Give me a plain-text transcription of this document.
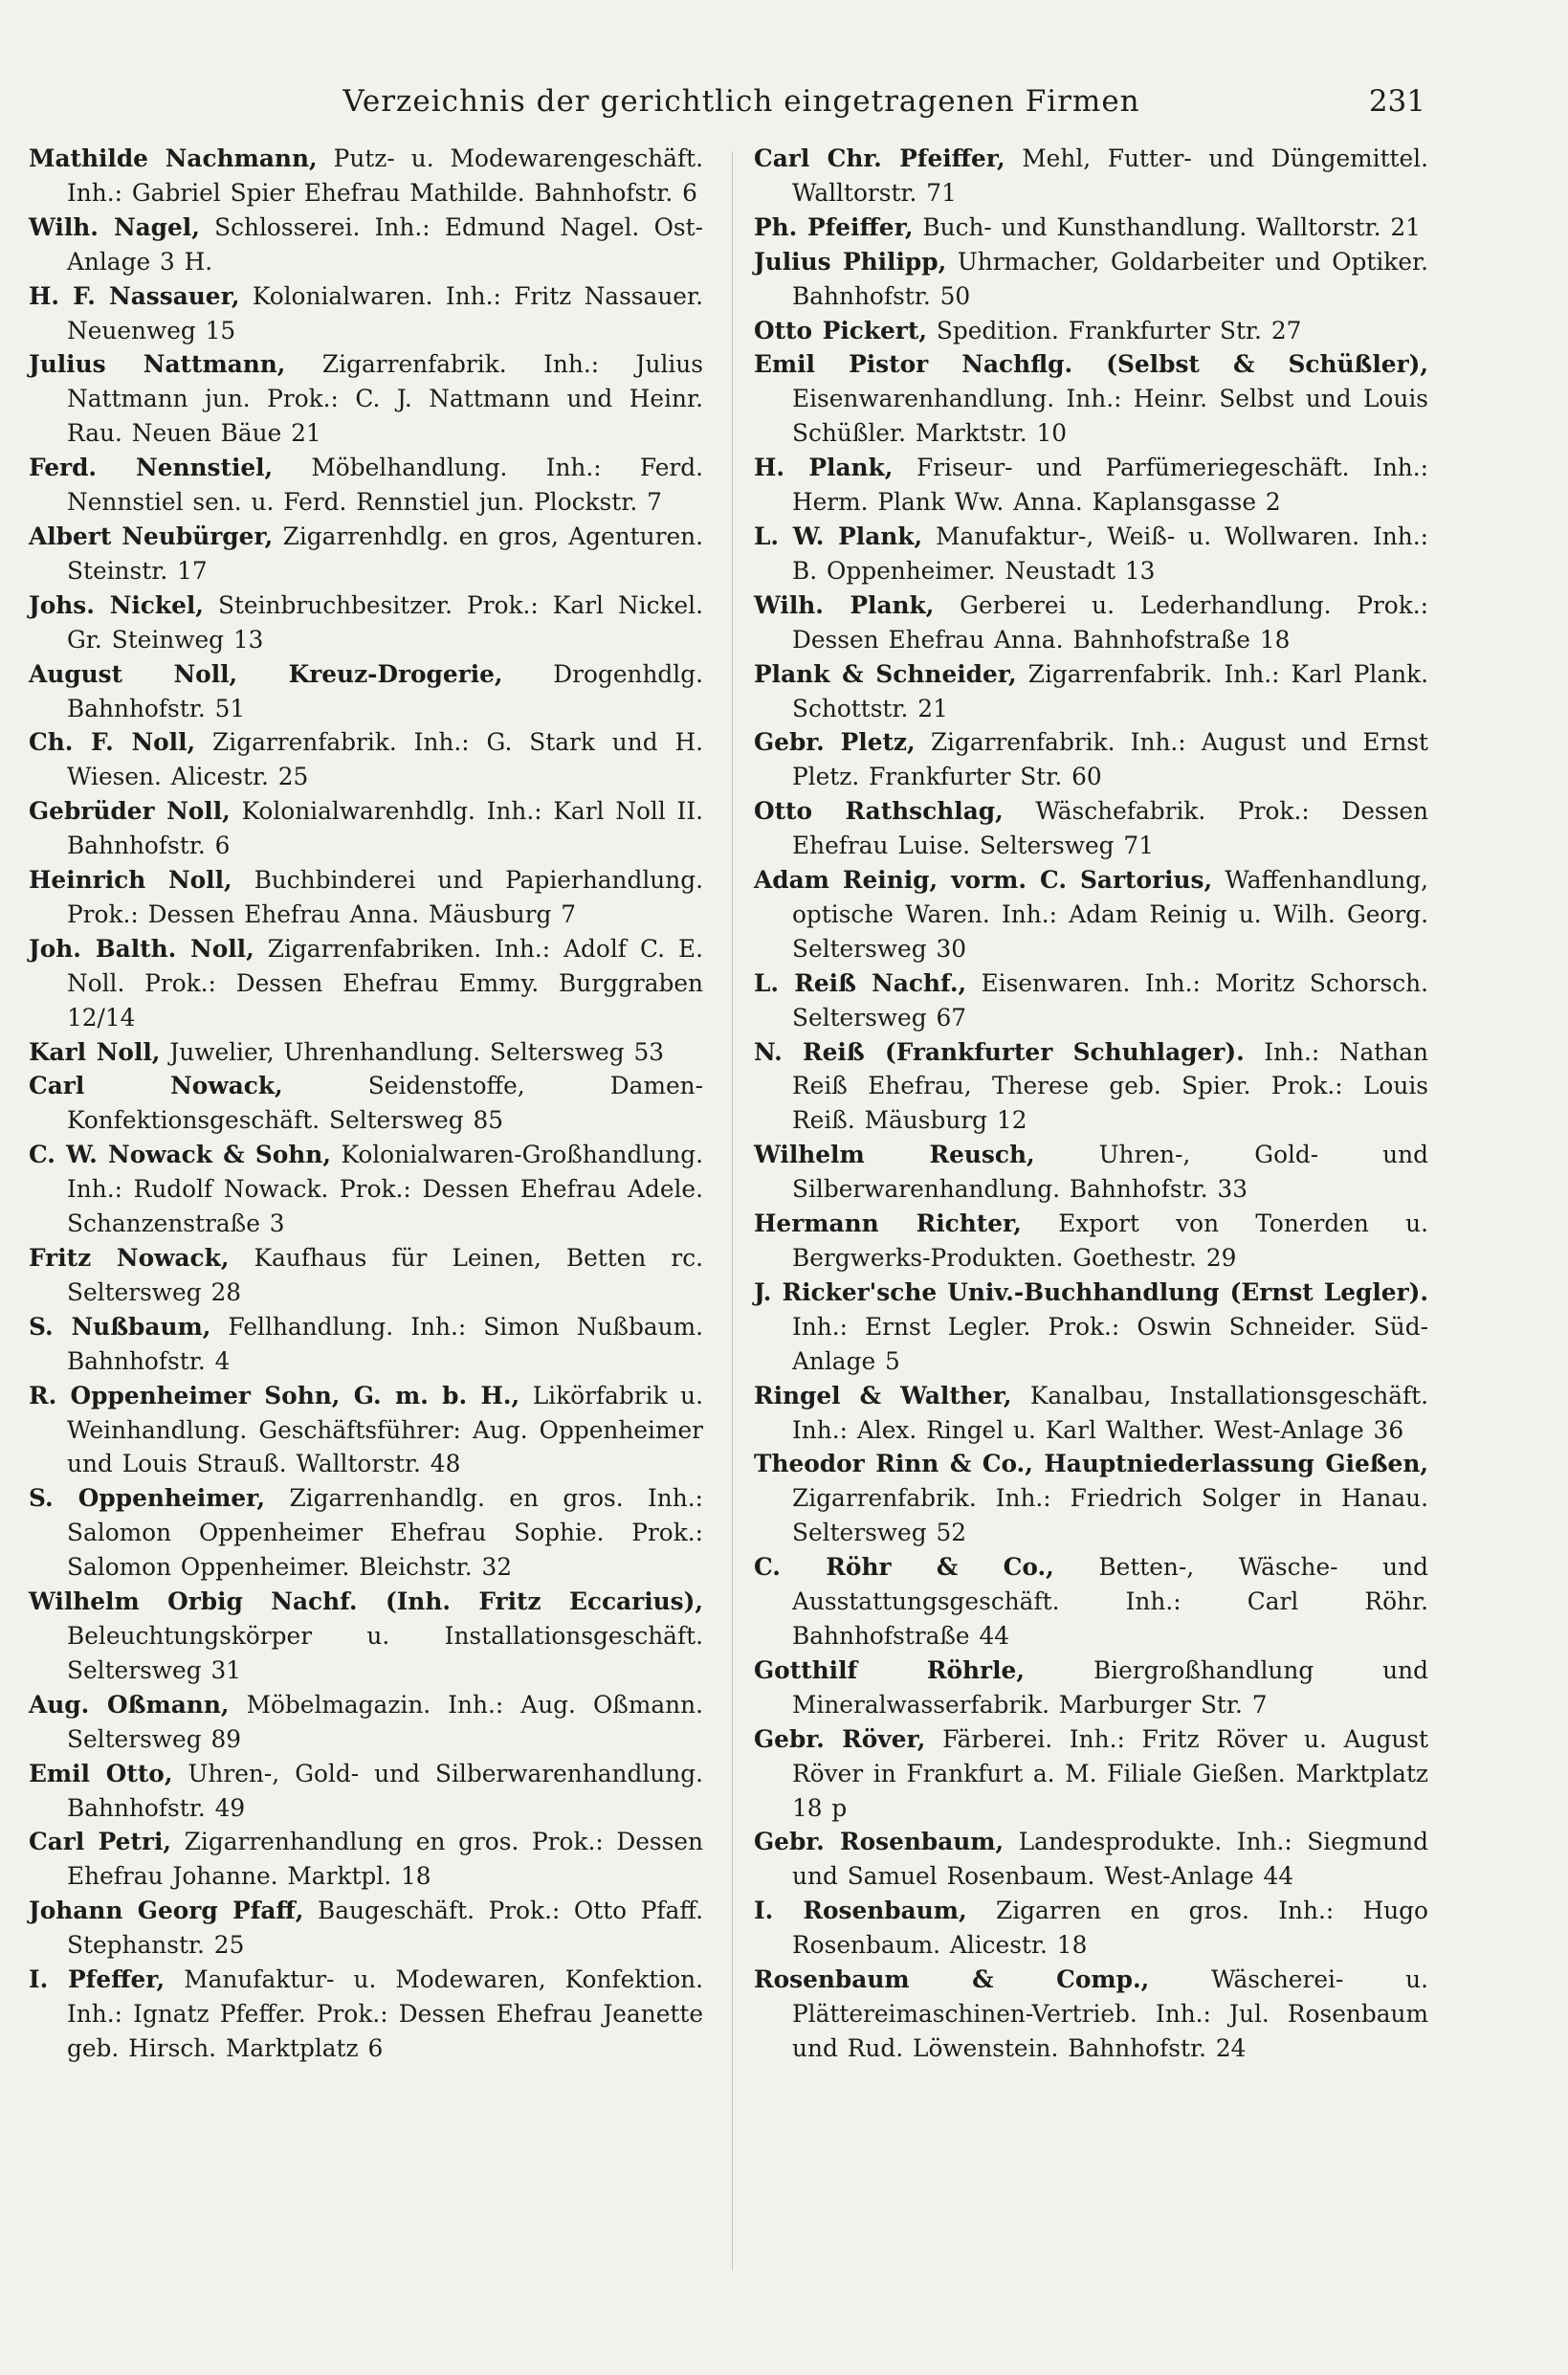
Verzeichnis der gerichtlich eingetragenen Firmen	231
Mathilde Nachmann, Putz- u. Modewarengeschäft. Inh.: Gabriel Spier Ehefrau Mathilde. Bahnhofstr. 6
Wilh. Nagel, Schlosserei. Inh.: Edmund Nagel. Ost-Anlage 3 H.
H. F. Nassauer, Kolonialwaren. Inh.: Fritz Nassauer. Neuenweg 15
Julius Nattmann, Zigarrenfabrik. Inh.: Julius Nattmann jun. Prok.: C. J. Nattmann und Heinr. Rau. Neuen Bäue 21
Ferd. Nennstiel, Möbelhandlung. Inh.: Ferd. Nennstiel sen. u. Ferd. Rennstiel jun. Plockstr. 7
Albert Neubürger, Zigarrenhdlg. en gros, Agenturen. Steinstr. 17
Johs. Nickel, Steinbruchbesitzer. Prok.: Karl Nickel. Gr. Steinweg 13
August Noll, Kreuz-Drogerie, Drogenhdlg. Bahnhofstr. 51
Ch. F. Noll, Zigarrenfabrik. Inh.: G. Stark und H. Wiesen. Alicestr. 25
Gebrüder Noll, Kolonialwarenhdlg. Inh.: Karl Noll II. Bahnhofstr. 6
Heinrich Noll, Buchbinderei und Papierhandlung. Prok.: Dessen Ehefrau Anna. Mäusburg 7
Joh. Balth. Noll, Zigarrenfabriken. Inh.: Adolf C. E. Noll. Prok.: Dessen Ehefrau Emmy. Burggraben 12/14
Karl Noll, Juwelier, Uhrenhandlung. Seltersweg 53
Carl Nowack,	Seidenstoffe, Damen-Konfektionsgeschäft. Seltersweg 85
C. W. Nowack & Sohn, Kolonialwaren-Großhandlung. Inh.: Rudolf Nowack. Prok.: Dessen Ehefrau Adele. Schanzenstraße 3
Fritz Nowack, Kaufhaus für Leinen, Betten rc. Seltersweg 28
S. Nußbaum, Fellhandlung. Inh.: Simon Nußbaum. Bahnhofstr. 4
R. Oppenheimer Sohn, G. m. b. H., Likörfabrik u. Weinhandlung. Geschäftsführer: Aug. Oppenheimer und Louis Strauß. Walltorstr. 48
S. Oppenheimer, Zigarrenhandlg. en gros. Inh.: Salomon Oppenheimer Ehefrau Sophie. Prok.: Salomon Oppenheimer. Bleichstr. 32
Wilhelm Orbig Nachf. (Inh. Fritz Eccarius), Beleuchtungskörper u. Installationsgeschäft. Seltersweg 31
Aug. Oßmann, Möbelmagazin. Inh.: Aug. Oßmann. Seltersweg 89
Emil Otto, Uhren-, Gold- und Silberwarenhandlung. Bahnhofstr. 49
Carl Petri, Zigarrenhandlung en gros. Prok.: Dessen Ehefrau Johanne. Marktpl. 18
Johann Georg Pfaff, Baugeschäft. Prok.: Otto Pfaff. Stephanstr. 25
I. Pfeffer, Manufaktur- u. Modewaren, Konfektion. Inh.: Ignatz Pfeffer. Prok.: Dessen Ehefrau Jeanette geb. Hirsch. Marktplatz 6
Carl Chr. Pfeiffer, Mehl, Futter- und Düngemittel. Walltorstr. 71
Ph. Pfeiffer, Buch- und Kunsthandlung. Walltorstr. 21
Julius Philipp, Uhrmacher, Goldarbeiter und Optiker. Bahnhofstr. 50
Otto Pickert, Spedition. Frankfurter Str. 27
Emil Pistor Nachflg. (Selbst & Schüßler), Eisenwarenhandlung. Inh.: Heinr. Selbst und Louis Schüßler. Marktstr. 10
H. Plank, Friseur- und Parfümeriegeschäft. Inh.: Herm. Plank Ww. Anna. Kaplansgasse 2
L. W. Plank, Manufaktur-, Weiß- u. Wollwaren. Inh.: B. Oppenheimer. Neustadt 13
Wilh. Plank, Gerberei u. Lederhandlung. Prok.: Dessen Ehefrau Anna. Bahnhofstraße 18
Plank & Schneider, Zigarrenfabrik. Inh.: Karl Plank. Schottstr. 21
Gebr. Pletz, Zigarrenfabrik. Inh.: August und Ernst Pletz. Frankfurter Str. 60
Otto Rathschlag, Wäschefabrik. Prok.: Dessen Ehefrau Luise. Seltersweg 71
Adam Reinig, vorm. C. Sartorius, Waffenhandlung, optische Waren. Inh.: Adam Reinig u. Wilh. Georg. Seltersweg 30
L. Reiß Nachf., Eisenwaren. Inh.: Moritz Schorsch. Seltersweg 67
N. Reiß (Frankfurter Schuhlager). Inh.: Nathan Reiß Ehefrau, Therese geb. Spier. Prok.: Louis Reiß. Mäusburg 12
Wilhelm Reusch,	Uhren-, Gold- und Silberwarenhandlung. Bahnhofstr. 33
Hermann Richter, Export von Tonerden u. Bergwerks-Produkten. Goethestr. 29
J. Ricker'sche Univ.-Buchhandlung (Ernst Legler). Inh.: Ernst Legler. Prok.: Oswin Schneider. Süd-Anlage 5
Ringel & Walther, Kanalbau, Installationsgeschäft. Inh.: Alex. Ringel u. Karl Walther. West-Anlage 36
Theodor Rinn & Co., Hauptniederlassung Gießen, Zigarrenfabrik. Inh.: Friedrich Solger in Hanau. Seltersweg 52
C. Röhr & Co., Betten-, Wäsche- und Ausstattungsgeschäft. Inh.: Carl Röhr. Bahnhofstraße 44
Gotthilf Röhrle,	Biergroßhandlung und Mineralwasserfabrik. Marburger Str. 7
Gebr. Röver, Färberei. Inh.: Fritz Röver u. August Röver in Frankfurt a. M. Filiale Gießen. Marktplatz 18 p
Gebr. Rosenbaum, Landesprodukte. Inh.: Siegmund und Samuel Rosenbaum. West-Anlage 44
I. Rosenbaum, Zigarren en gros. Inh.: Hugo Rosenbaum. Alicestr. 18
Rosenbaum & Comp.,	Wäscherei- u. Plättereimaschinen-Vertrieb. Inh.: Jul. Rosenbaum und Rud. Löwenstein. Bahnhofstr. 24
